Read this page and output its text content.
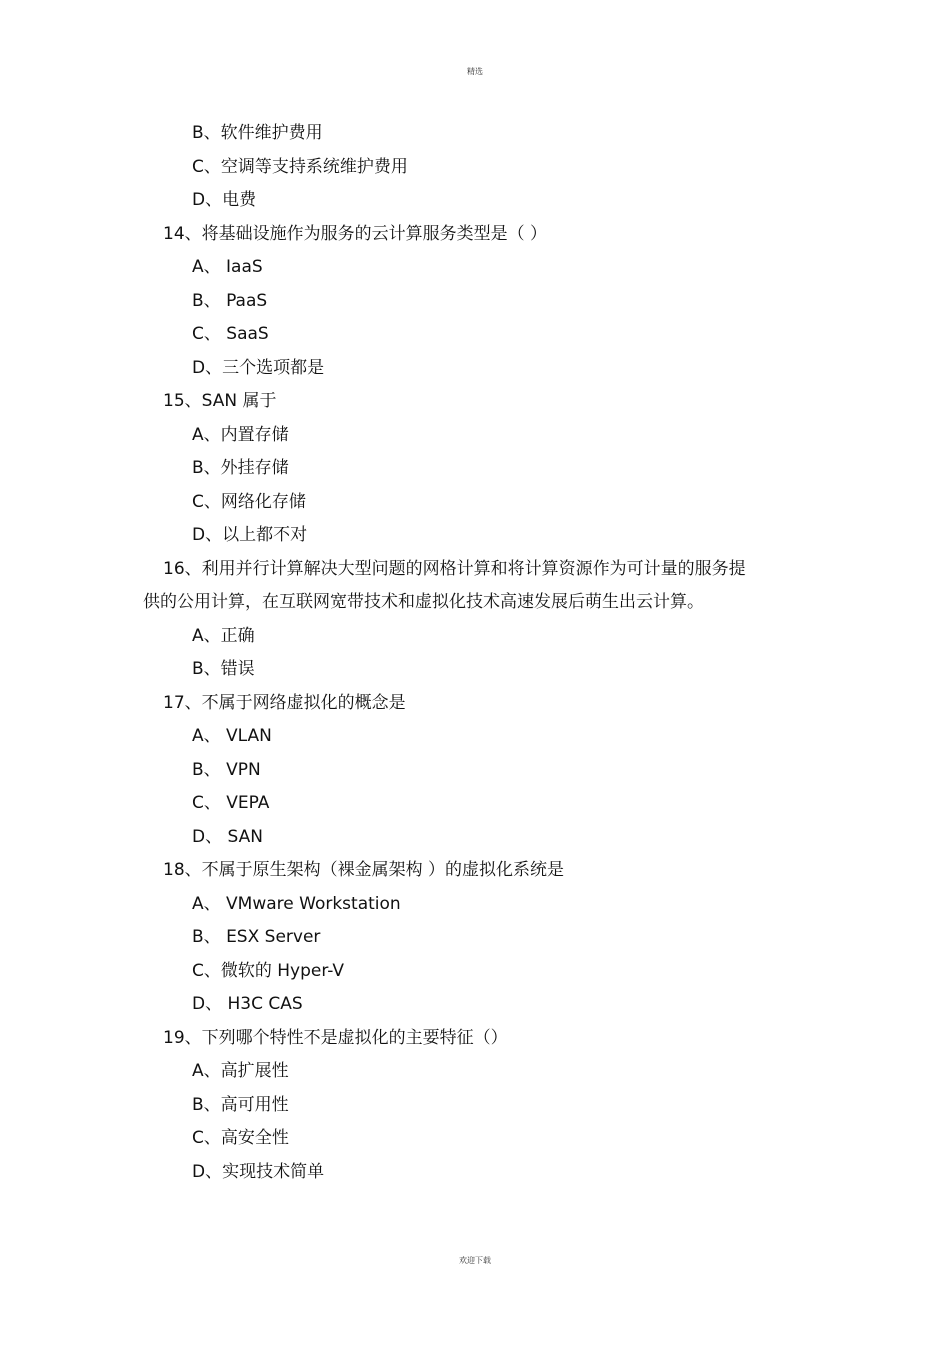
精选
B、软件维护费用
C、空调等支持系统维护费用
D、电费
14、将基础设施作为服务的云计算服务类型是（ ）
A、 IaaS
B、 PaaS
C、 SaaS
D、三个选项都是
15、SAN 属于
A、内置存储
B、外挂存储
C、网络化存储
D、以上都不对
16、利用并行计算解决大型问题的网格计算和将计算资源作为可计量的服务提
供的公用计算，在互联网宽带技术和虚拟化技术高速发展后萌生出云计算。
A、正确
B、错误
17、不属于网络虚拟化的概念是
A、 VLAN
B、 VPN
C、 VEPA
D、 SAN
18、不属于原生架构（裸金属架构 ）的虚拟化系统是
A、 VMware Workstation
B、 ESX Server
C、微软的 Hyper-V
D、 H3C CAS
19、下列哪个特性不是虚拟化的主要特征（）
A、高扩展性
B、高可用性
C、高安全性
D、实现技术简单
欢迎下载
